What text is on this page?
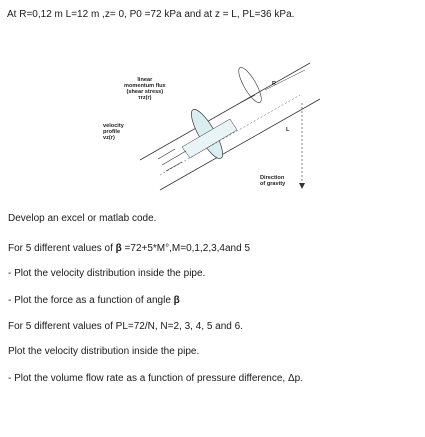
At R=0,12 m L=12 m ,z= 0, P0 =72 kPa and at z = L, PL=36 kPa.
linear
momentum flux
(shear stress)
τrz(r)
velocity
profile
vz(r)
Direction
of gravity
L
R
Develop an excel or matlab code.
For 5 different values of β =72+5*M°,M=0,1,2,3,4and 5
- Plot the velocity distribution inside the pipe.
- Plot the force as a function of angle β
For 5 different values of PL=72/N, N=2, 3, 4, 5 and 6.
Plot the velocity distribution inside the pipe.
- Plot the volume flow rate as a function of pressure difference, Δp.
